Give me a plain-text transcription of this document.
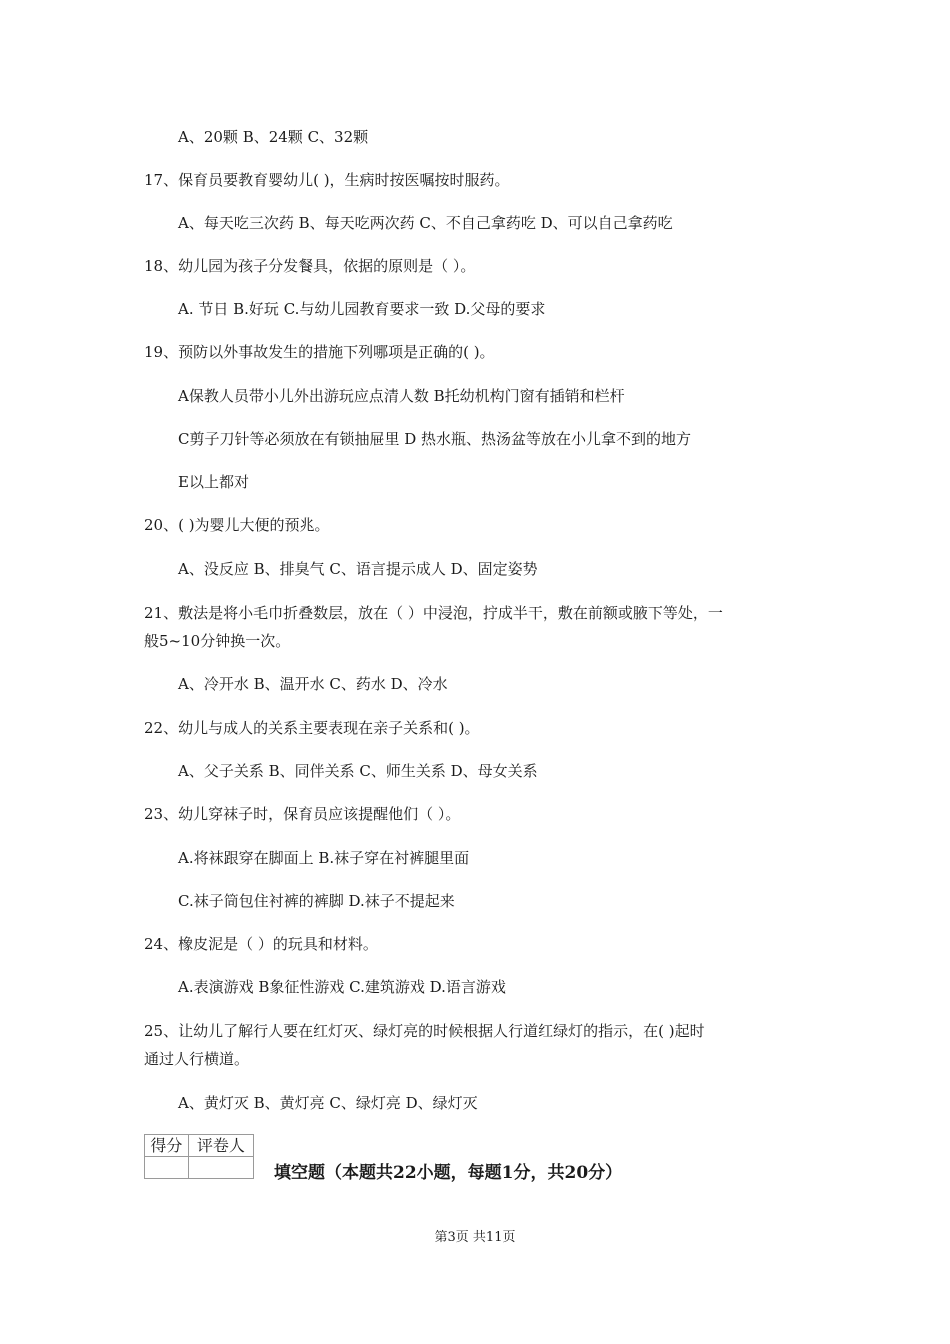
A、20颗 B、24颗 C、32颗
17、保育员要教育婴幼儿( )，生病时按医嘱按时服药。
A、每天吃三次药 B、每天吃两次药 C、不自己拿药吃 D、可以自己拿药吃
18、幼儿园为孩子分发餐具，依据的原则是（ ）。
A. 节日 B.好玩 C.与幼儿园教育要求一致 D.父母的要求
19、预防以外事故发生的措施下列哪项是正确的( )。
A保教人员带小儿外出游玩应点清人数 B托幼机构门窗有插销和栏杆
C剪子刀针等必须放在有锁抽屉里 D 热水瓶、热汤盆等放在小儿拿不到的地方
E以上都对
20、( )为婴儿大便的预兆。
A、没反应 B、排臭气 C、语言提示成人 D、固定姿势
21、敷法是将小毛巾折叠数层，放在（ ）中浸泡，拧成半干，敷在前额或腋下等处，一
般5~10分钟换一次。
A、冷开水 B、温开水 C、药水 D、冷水
22、幼儿与成人的关系主要表现在亲子关系和( )。
A、父子关系 B、同伴关系 C、师生关系 D、母女关系
23、幼儿穿袜子时，保育员应该提醒他们（ ）。
A.将袜跟穿在脚面上 B.袜子穿在衬裤腿里面
C.袜子筒包住衬裤的裤脚 D.袜子不提起来
24、橡皮泥是（ ）的玩具和材料。
A.表演游戏 B象征性游戏 C.建筑游戏 D.语言游戏
25、让幼儿了解行人要在红灯灭、绿灯亮的时候根据人行道红绿灯的指示，在( )起时
通过人行横道。
A、黄灯灭 B、黄灯亮 C、绿灯亮 D、绿灯灭
得分	评卷人

填空题（本题共22小题，每题1分，共20分）
第3页 共11页
